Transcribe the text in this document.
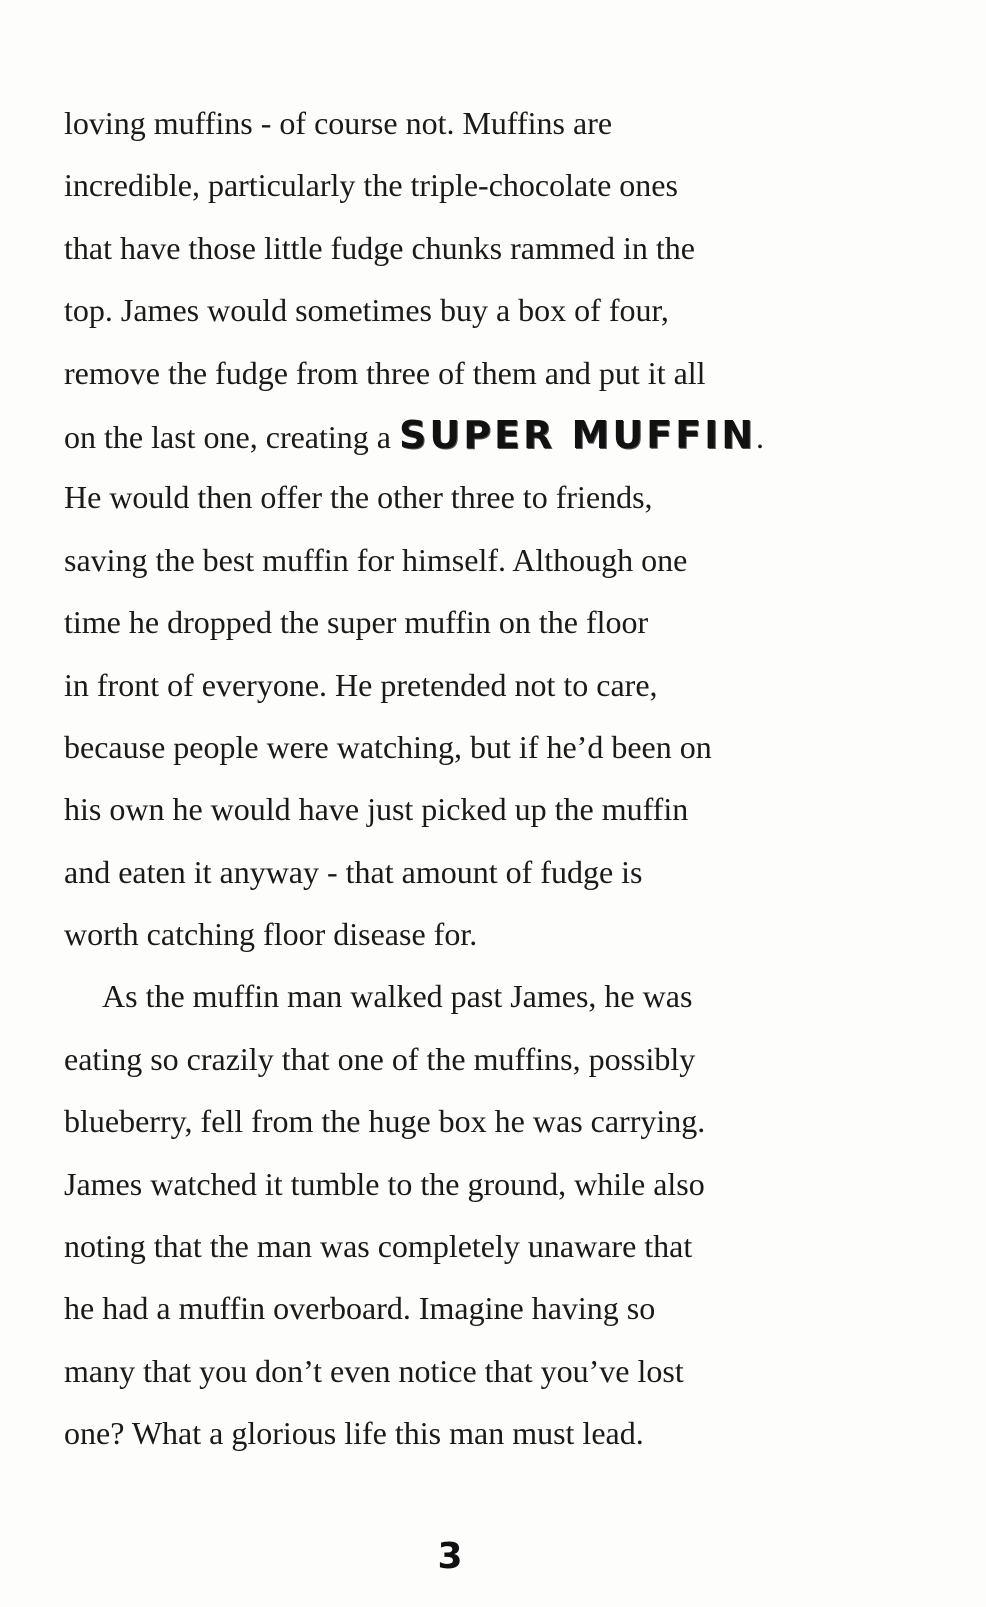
loving muffins - of course not. Muffins are
incredible, particularly the triple-chocolate ones
that have those little fudge chunks rammed in the
top. James would sometimes buy a box of four,
remove the fudge from three of them and put it all
on the last one, creating a SUPER MUFFIN.
He would then offer the other three to friends,
saving the best muffin for himself. Although one
time he dropped the super muffin on the floor
in front of everyone. He pretended not to care,
because people were watching, but if he’d been on
his own he would have just picked up the muffin
and eaten it anyway - that amount of fudge is
worth catching floor disease for.
As the muffin man walked past James, he was
eating so crazily that one of the muffins, possibly
blueberry, fell from the huge box he was carrying.
James watched it tumble to the ground, while also
noting that the man was completely unaware that
he had a muffin overboard. Imagine having so
many that you don’t even notice that you’ve lost
one? What a glorious life this man must lead.
3
